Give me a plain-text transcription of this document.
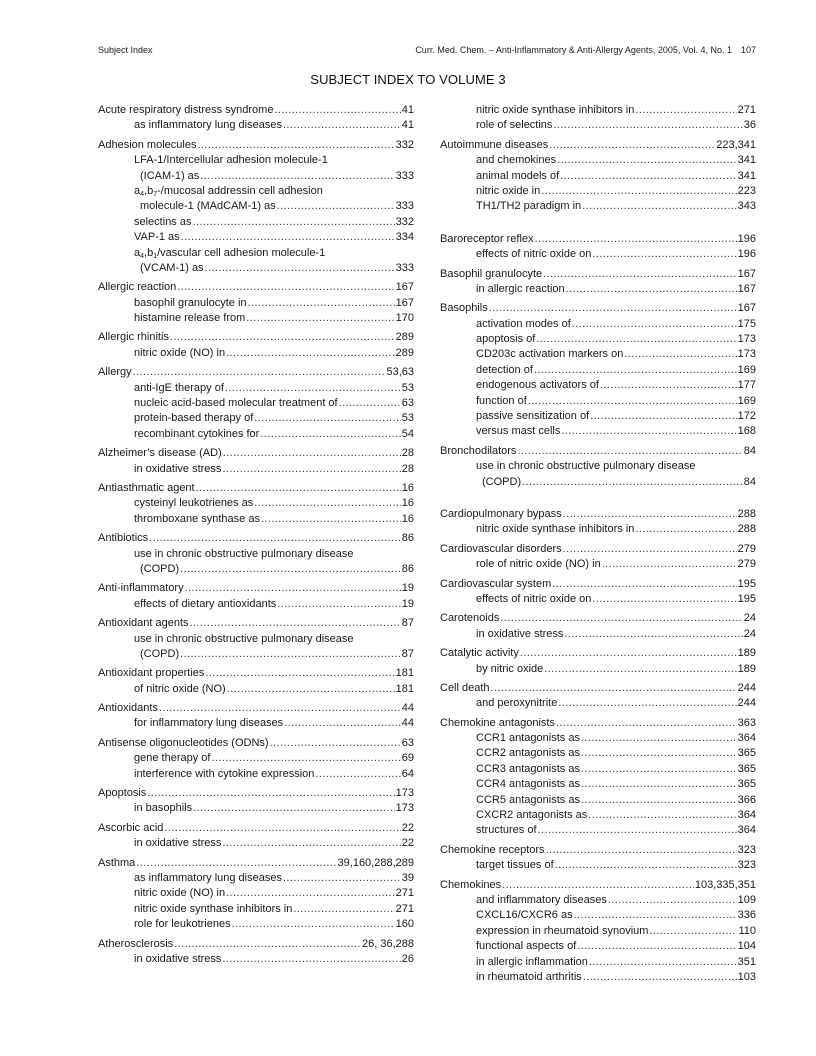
Subject Index	Curr. Med. Chem. – Anti-Inflammatory & Anti-Allergy Agents, 2005, Vol. 4, No. 1 107
SUBJECT INDEX TO VOLUME 3
Acute respiratory distress syndrome .....	41
as inflammatory lung diseases .....	41
Adhesion molecules .....	332
LFA-1/Intercellular adhesion molecule-1
(ICAM-1) as .....	333
$a_4,b_7-$/mucosal addressin cell adhesion
molecule-1 (MAdCAM-1) as .....	333
selectins as .....	332
VAP-1 as .....	334
$a_4,b_1$/vascular cell adhesion molecule-1
(VCAM-1) as .....	333
Allergic reaction .....	167
basophil granulocyte in .....	167
histamine release from .....	170
Allergic rhinitis .....	289
nitric oxide (NO) in .....	289
Allergy .....	53,63
anti-IgE therapy of .....	53
nucleic acid-based molecular treatment of .....	63
protein-based therapy of .....	53
recombinant cytokines for .....	54
Alzheimer’s disease (AD) .....	28
in oxidative stress .....	28
Antiasthmatic agent .....	16
cysteinyl leukotrienes as .....	16
thromboxane synthase as .....	16
Antibiotics .....	86
use in chronic obstructive pulmonary disease
(COPD) .....	86
Anti-inflammatory .....	19
effects of dietary antioxidants .....	19
Antioxidant agents .....	87
use in chronic obstructive pulmonary disease
(COPD) .....	87
Antioxidant properties .....	181
of nitric oxide (NO) .....	181
Antioxidants .....	44
for inflammatory lung diseases .....	44
Antisense oligonucleotides (ODNs) .....	63
gene therapy of .....	69
interference with cytokine expression .....	64
Apoptosis .....	173
in basophils .....	173
Ascorbic acid .....	22
in oxidative stress .....	22
Asthma .....	39,160,288,289
as inflammatory lung diseases .....	39
nitric oxide (NO) in .....	271
nitric oxide synthase inhibitors in .....	271
role for leukotrienes .....	160
Atherosclerosis .....	26, 36,288
in oxidative stress .....	26
nitric oxide synthase inhibitors in .....	271
role of selectins .....	36
Autoimmune diseases .....	223,341
and chemokines .....	341
animal models of .....	341
nitric oxide in .....	223
TH1/TH2 paradigm in .....	343
Baroreceptor reflex .....	196
effects of nitric oxide on .....	196
Basophil granulocyte .....	167
in allergic reaction .....	167
Basophils .....	167
activation modes of .....	175
apoptosis of .....	173
CD203c activation markers on .....	173
detection of .....	169
endogenous activators of .....	177
function of .....	169
passive sensitization of .....	172
versus mast cells .....	168
Bronchodilators .....	84
use in chronic obstructive pulmonary disease
(COPD) .....	84
Cardiopulmonary bypass .....	288
nitric oxide synthase inhibitors in .....	288
Cardiovascular disorders .....	279
role of nitric oxide (NO) in .....	279
Cardiovascular system .....	195
effects of nitric oxide on .....	195
Carotenoids .....	24
in oxidative stress .....	24
Catalytic activity .....	189
by nitric oxide .....	189
Cell death .....	244
and peroxynitrite .....	244
Chemokine antagonists .....	363
CCR1 antagonists as .....	364
CCR2 antagonists as .....	365
CCR3 antagonists as .....	365
CCR4 antagonists as .....	365
CCR5 antagonists as .....	366
CXCR2 antagonists as .....	364
structures of .....	364
Chemokine receptors .....	323
target tissues of .....	323
Chemokines .....	103,335,351
and inflammatory diseases .....	109
CXCL16/CXCR6 as .....	336
expression in rheumatoid synovium .....	110
functional aspects of .....	104
in allergic inflammation .....	351
in rheumatoid arthritis .....	103
